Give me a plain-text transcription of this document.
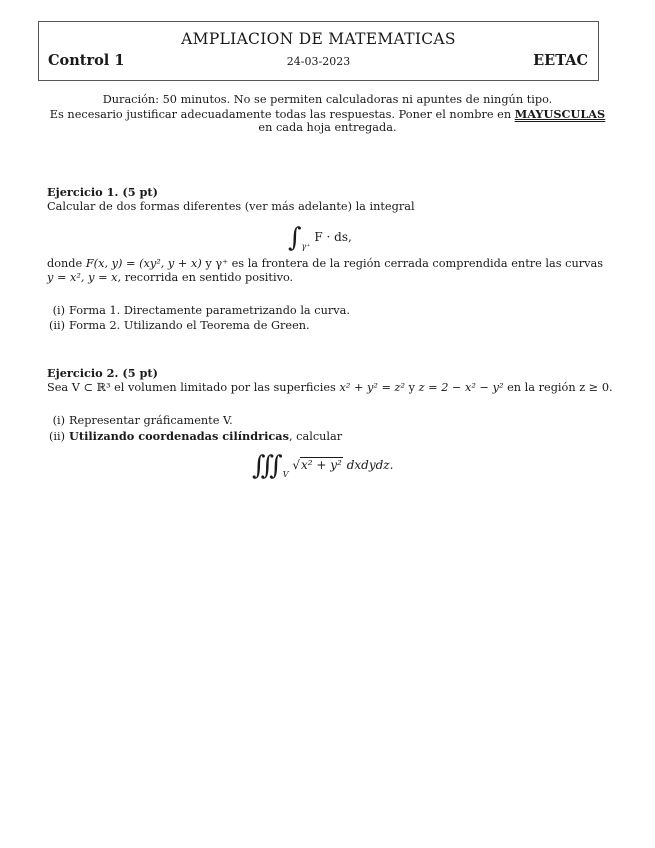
AMPLIACION DE MATEMATICAS
Control 1	24-03-2023	EETAC
Duración: 50 minutos. No se permiten calculadoras ni apuntes de ningún tipo.
Es necesario justificar adecuadamente todas las respuestas. Poner el nombre en MAYUSCULAS
en cada hoja entregada.
Ejercicio 1. (5 pt)
Calcular de dos formas diferentes (ver más adelante) la integral
$\int_{\gamma^+}$ F · ds,
donde F(x, y) = (xy², y + x) y γ⁺ es la frontera de la región cerrada comprendida entre las curvas
y = x², y = x, recorrida en sentido positivo.
(i) Forma 1. Directamente parametrizando la curva.
(ii) Forma 2. Utilizando el Teorema de Green.
Ejercicio 2. (5 pt)
Sea V ⊂ ℝ³ el volumen limitado por las superficies x² + y² = z² y z = 2 − x² − y² en la región z ≥ 0.
(i) Representar gráficamente V.
(ii) Utilizando coordenadas cilíndricas, calcular
$∭_V$ √x² + y² dxdydz.
